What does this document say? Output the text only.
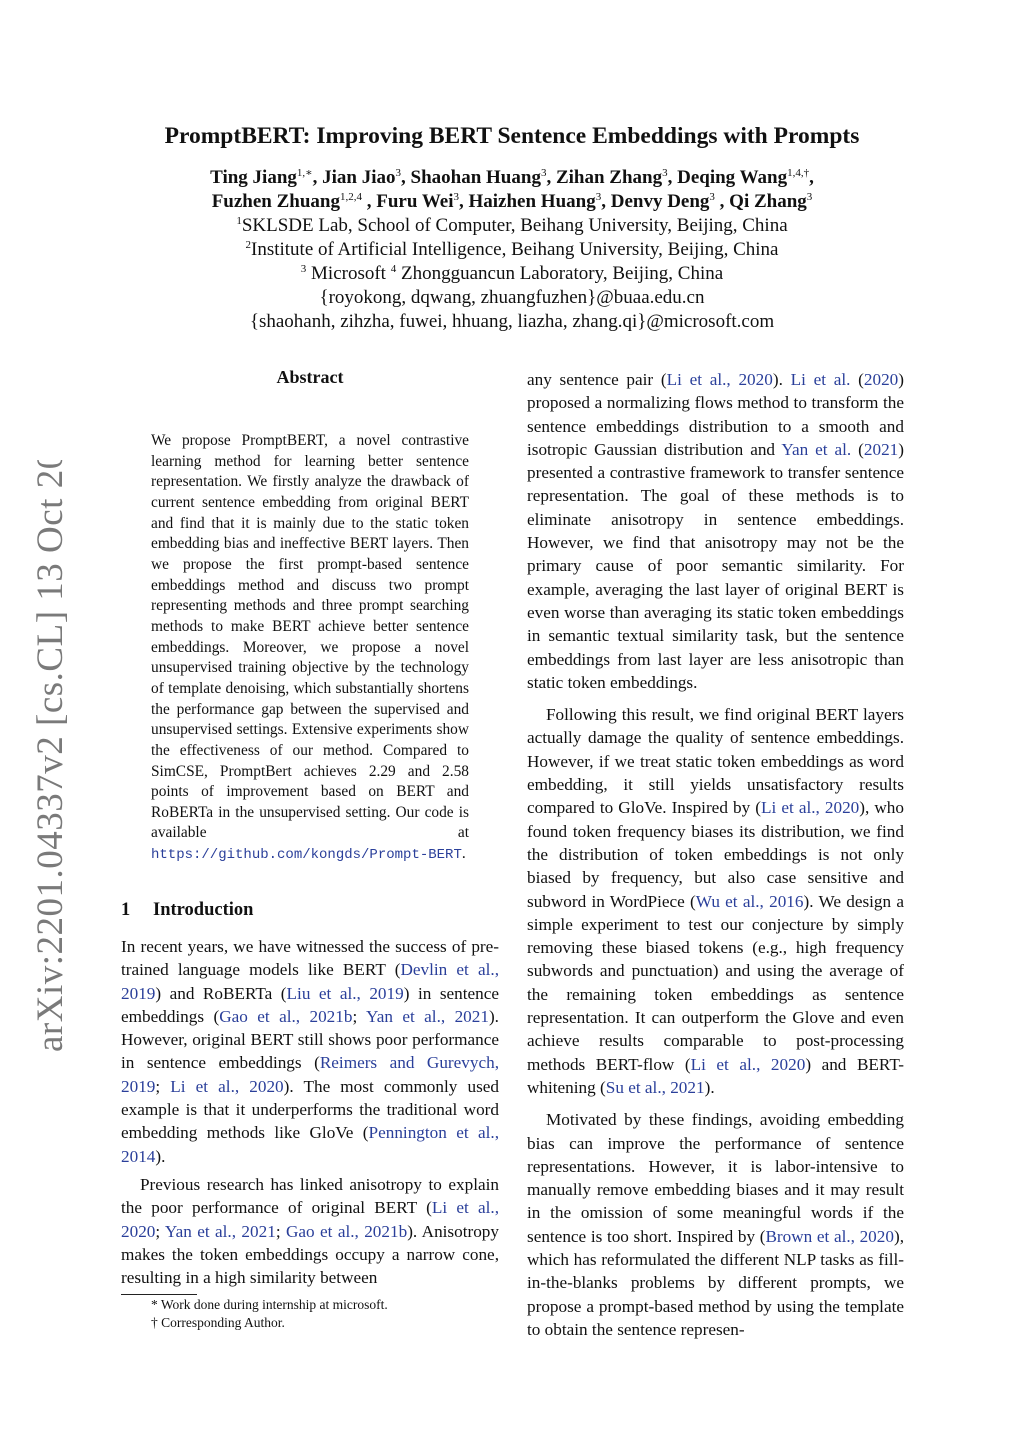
arXiv:2201.04337v2 [cs.CL] 13 Oct 2022
PromptBERT: Improving BERT Sentence Embeddings with Prompts
Ting Jiang$^{1,∗}$, Jian Jiao$^3$, Shaohan Huang$^3$, Zihan Zhang$^3$, Deqing Wang$^{1,4,\dagger}$,
Fuzhen Zhuang$^{1,2,4}$ , Furu Wei$^3$, Haizhen Huang$^3$, Denvy Deng$^3$ , Qi Zhang$^3$
$^1$SKLSDE Lab, School of Computer, Beihang University, Beijing, China
$^2$Institute of Artificial Intelligence, Beihang University, Beijing, China
$^3$ Microsoft $^4$ Zhongguancun Laboratory, Beijing, China
{royokong, dqwang, zhuangfuzhen}@buaa.edu.cn
{shaohanh, zihzha, fuwei, hhuang, liazha, zhang.qi}@microsoft.com
Abstract
We propose PromptBERT, a novel contrastive learning method for learning better sentence representation. We firstly analyze the drawback of current sentence embedding from original BERT and find that it is mainly due to the static token embedding bias and ineffective BERT layers. Then we propose the first prompt-based sentence embeddings method and discuss two prompt representing methods and three prompt searching methods to make BERT achieve better sentence embeddings. Moreover, we propose a novel unsupervised training objective by the technology of template denoising, which substantially shortens the performance gap between the supervised and unsupervised settings. Extensive experiments show the effectiveness of our method. Compared to SimCSE, PromptBert achieves 2.29 and 2.58 points of improvement based on BERT and RoBERTa in the unsupervised setting. Our code is available at https://github.com/kongds/Prompt-BERT.
1 Introduction

In recent years, we have witnessed the success of pre-trained language models like BERT (Devlin et al., 2019) and RoBERTa (Liu et al., 2019) in sentence embeddings (Gao et al., 2021b; Yan et al., 2021). However, original BERT still shows poor performance in sentence embeddings (Reimers and Gurevych, 2019; Li et al., 2020). The most commonly used example is that it underperforms the traditional word embedding methods like GloVe (Pennington et al., 2014).

Previous research has linked anisotropy to explain the poor performance of original BERT (Li et al., 2020; Yan et al., 2021; Gao et al., 2021b). Anisotropy makes the token embeddings occupy a narrow cone, resulting in a high similarity between

* Work done during internship at microsoft.
† Corresponding Author.

any sentence pair (Li et al., 2020). Li et al. (2020) proposed a normalizing flows method to transform the sentence embeddings distribution to a smooth and isotropic Gaussian distribution and Yan et al. (2021) presented a contrastive framework to transfer sentence representation. The goal of these methods is to eliminate anisotropy in sentence embeddings. However, we find that anisotropy may not be the primary cause of poor semantic similarity. For example, averaging the last layer of original BERT is even worse than averaging its static token embeddings in semantic textual similarity task, but the sentence embeddings from last layer are less anisotropic than static token embeddings.

Following this result, we find original BERT layers actually damage the quality of sentence embeddings. However, if we treat static token embeddings as word embedding, it still yields unsatisfactory results compared to GloVe. Inspired by (Li et al., 2020), who found token frequency biases its distribution, we find the distribution of token embeddings is not only biased by frequency, but also case sensitive and subword in WordPiece (Wu et al., 2016). We design a simple experiment to test our conjecture by simply removing these biased tokens (e.g., high frequency subwords and punctuation) and using the average of the remaining token embeddings as sentence representation. It can outperform the Glove and even achieve results comparable to post-processing methods BERT-flow (Li et al., 2020) and BERT-whitening (Su et al., 2021).

Motivated by these findings, avoiding embedding bias can improve the performance of sentence representations. However, it is labor-intensive to manually remove embedding biases and it may result in the omission of some meaningful words if the sentence is too short. Inspired by (Brown et al., 2020), which has reformulated the different NLP tasks as fill-in-the-blanks problems by different prompts, we propose a prompt-based method by using the template to obtain the sentence represen-
